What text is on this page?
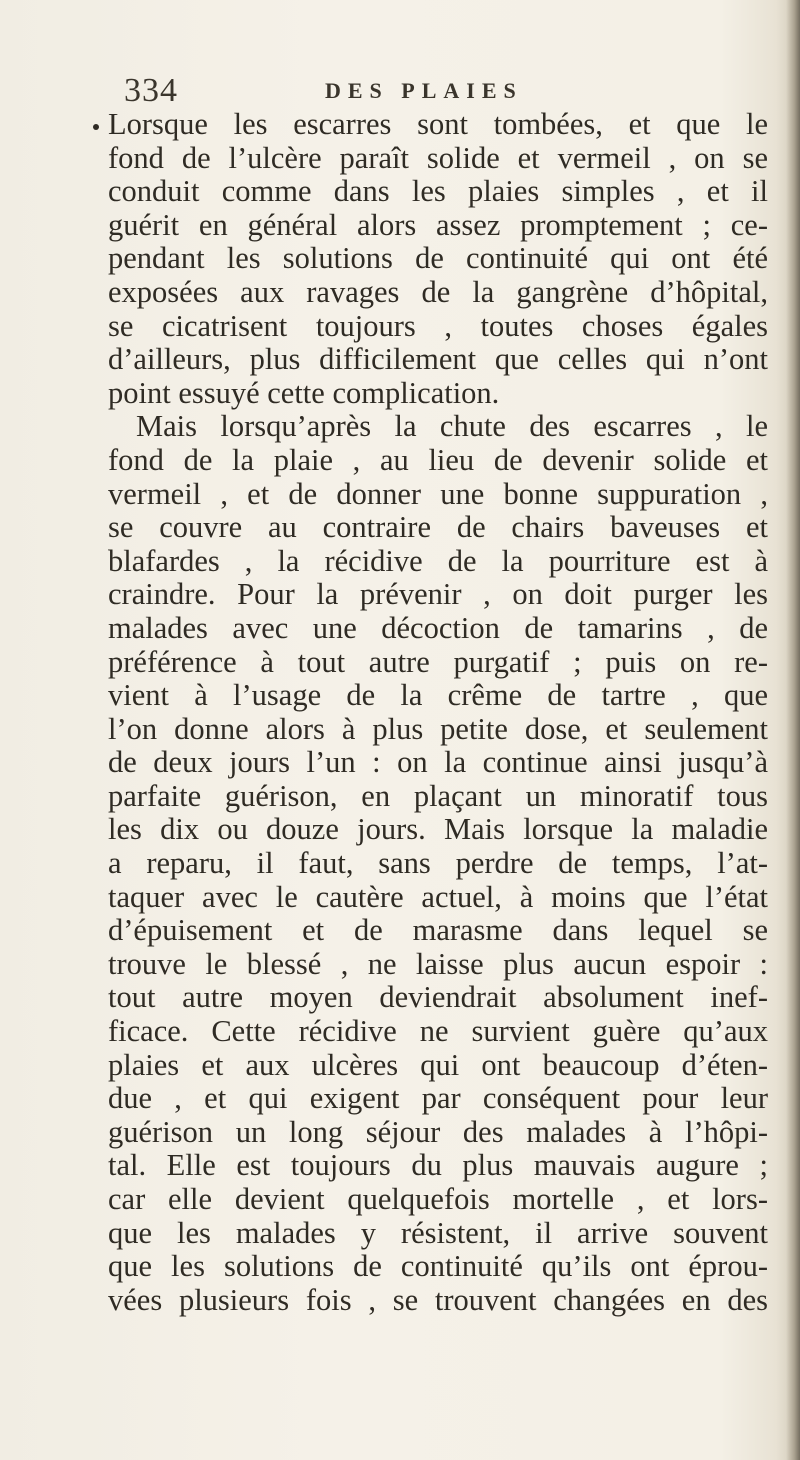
334	DES PLAIES
Lorsque les escarres sont tombées, et que le
fond de l’ulcère paraît solide et vermeil , on se
conduit comme dans les plaies simples , et il
guérit en général alors assez promptement ; ce-
pendant les solutions de continuité qui ont été
exposées aux ravages de la gangrène d’hôpital,
se cicatrisent toujours , toutes choses égales
d’ailleurs, plus difficilement que celles qui n’ont
point essuyé cette complication.
Mais lorsqu’après la chute des escarres , le
fond de la plaie , au lieu de devenir solide et
vermeil , et de donner une bonne suppuration ,
se couvre au contraire de chairs baveuses et
blafardes , la récidive de la pourriture est à
craindre. Pour la prévenir , on doit purger les
malades avec une décoction de tamarins , de
préférence à tout autre purgatif ; puis on re-
vient à l’usage de la crême de tartre , que
l’on donne alors à plus petite dose, et seulement
de deux jours l’un : on la continue ainsi jusqu’à
parfaite guérison, en plaçant un minoratif tous
les dix ou douze jours. Mais lorsque la maladie
a reparu, il faut, sans perdre de temps, l’at-
taquer avec le cautère actuel, à moins que l’état
d’épuisement et de marasme dans lequel se
trouve le blessé , ne laisse plus aucun espoir :
tout autre moyen deviendrait absolument inef-
ficace. Cette récidive ne survient guère qu’aux
plaies et aux ulcères qui ont beaucoup d’éten-
due , et qui exigent par conséquent pour leur
guérison un long séjour des malades à l’hôpi-
tal. Elle est toujours du plus mauvais augure ;
car elle devient quelquefois mortelle , et lors-
que les malades y résistent, il arrive souvent
que les solutions de continuité qu’ils ont éprou-
vées plusieurs fois , se trouvent changées en des
